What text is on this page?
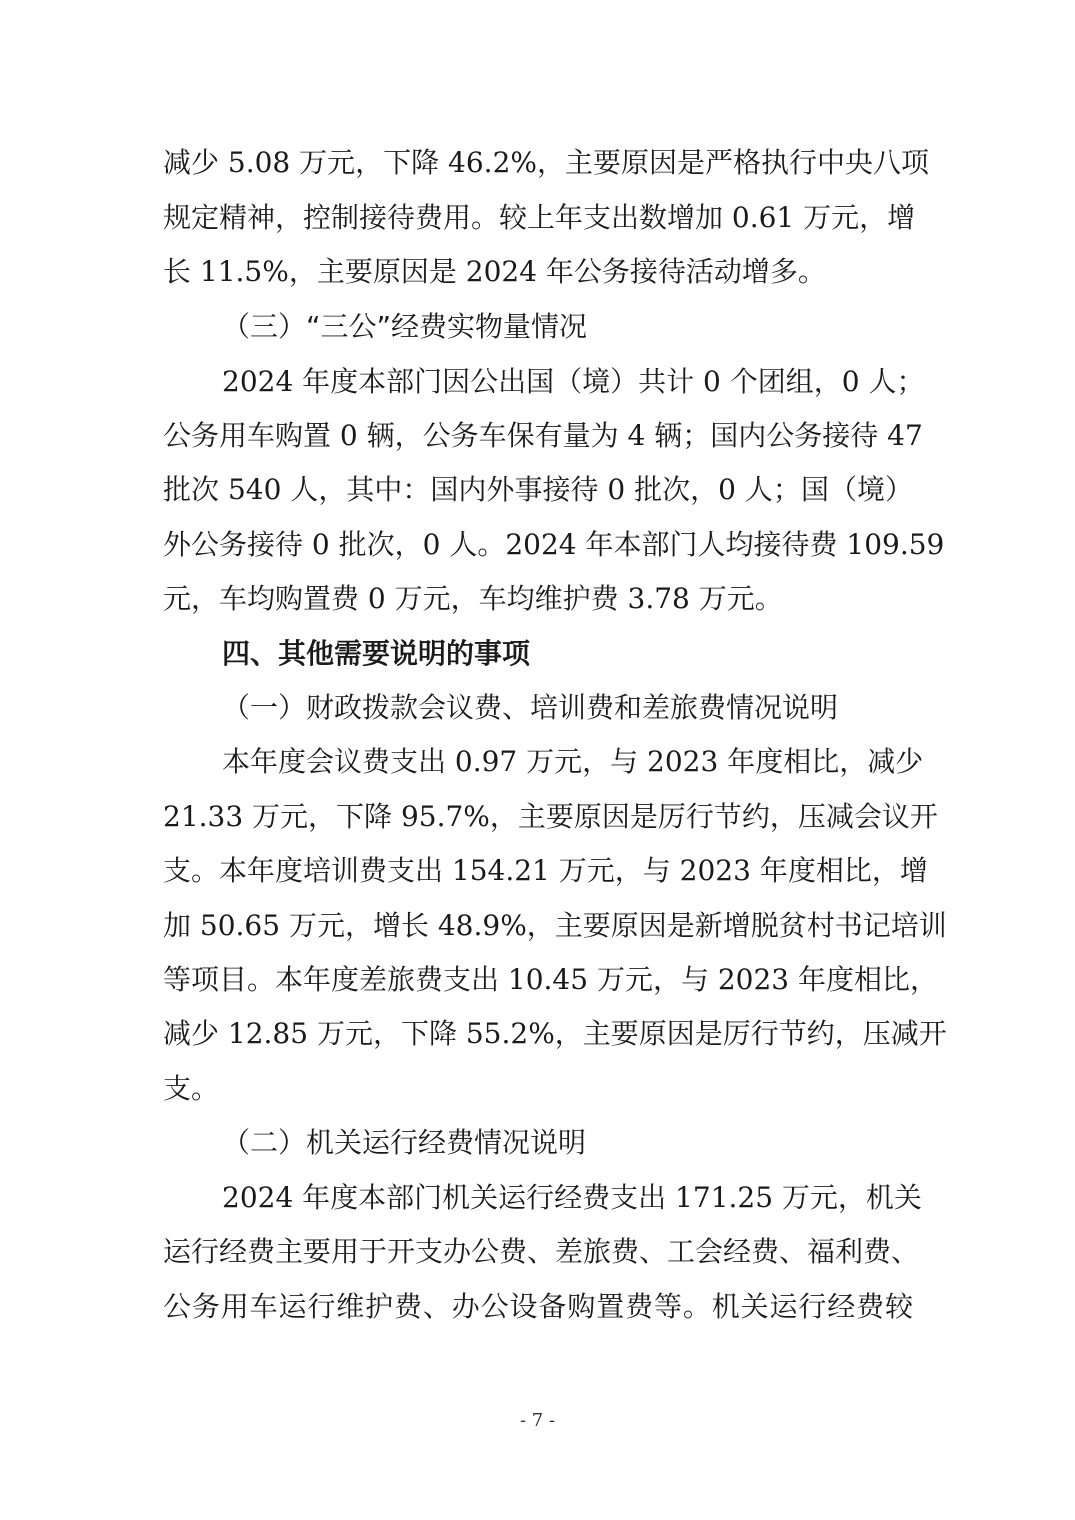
减少 5.08 万元，下降 46.2%，主要原因是严格执行中央八项
规定精神，控制接待费用。较上年支出数增加 0.61 万元，增
长 11.5%，主要原因是 2024 年公务接待活动增多。
（三）“三公”经费实物量情况
2024 年度本部门因公出国（境）共计 0 个团组，0 人；
公务用车购置 0 辆，公务车保有量为 4 辆；国内公务接待 47
批次 540 人，其中：国内外事接待 0 批次，0 人；国（境）
外公务接待 0 批次，0 人。2024 年本部门人均接待费 109.59
元，车均购置费 0 万元，车均维护费 3.78 万元。
四、其他需要说明的事项
（一）财政拨款会议费、培训费和差旅费情况说明
本年度会议费支出 0.97 万元，与 2023 年度相比，减少
21.33 万元，下降 95.7%，主要原因是厉行节约，压减会议开
支。本年度培训费支出 154.21 万元，与 2023 年度相比，增
加 50.65 万元，增长 48.9%，主要原因是新增脱贫村书记培训
等项目。本年度差旅费支出 10.45 万元，与 2023 年度相比，
减少 12.85 万元，下降 55.2%，主要原因是厉行节约，压减开
支。
（二）机关运行经费情况说明
2024 年度本部门机关运行经费支出 171.25 万元，机关
运行经费主要用于开支办公费、差旅费、工会经费、福利费、
公务用车运行维护费、办公设备购置费等。机关运行经费较
- 7 -
